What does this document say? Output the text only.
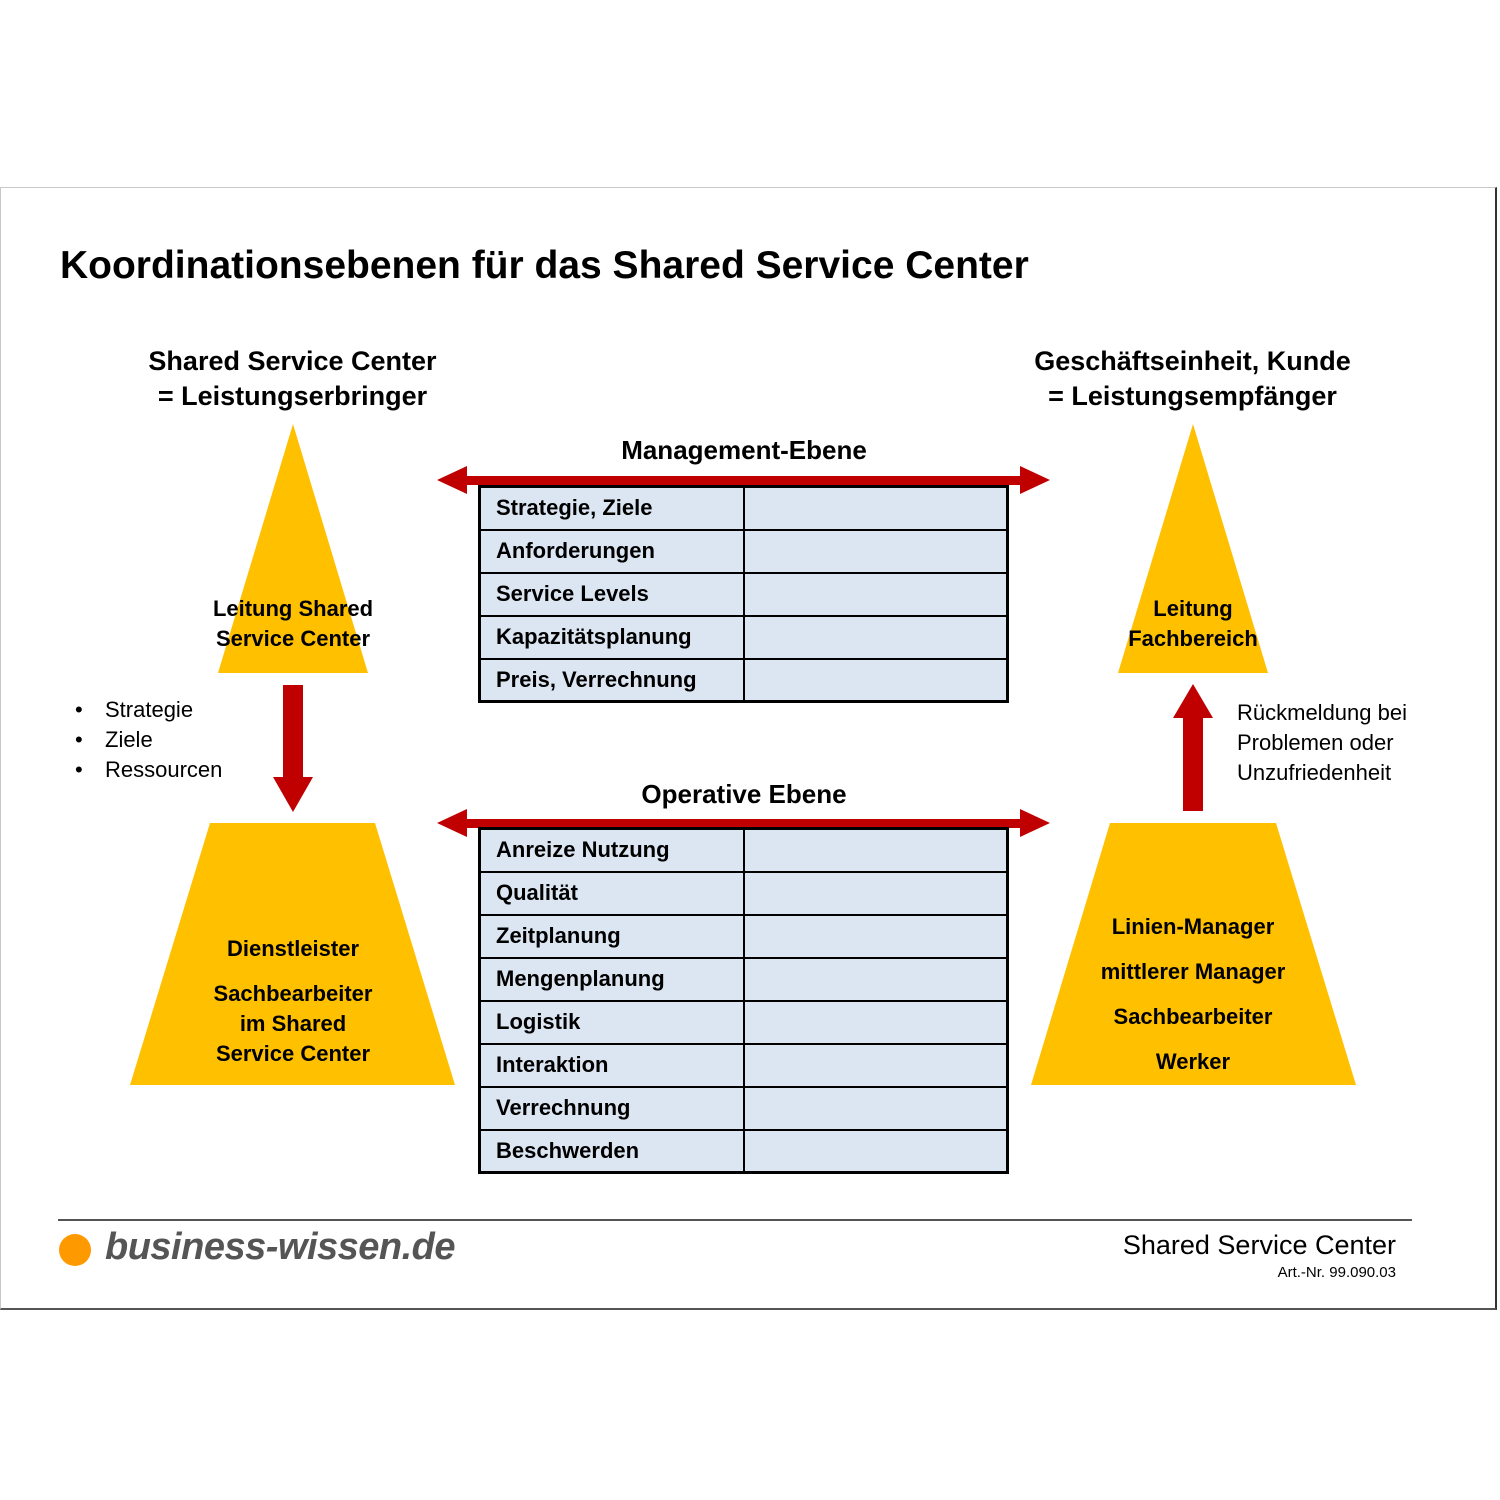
Koordinationsebenen für das Shared Service Center
Shared Service Center
= Leistungserbringer
Geschäftseinheit, Kunde
= Leistungsempfänger
Leitung Shared
Service Center
• Strategie
• Ziele
• Ressourcen
Dienstleister
Sachbearbeiter
im Shared
Service Center
Leitung
Fachbereich
Rückmeldung bei
Problemen oder
Unzufriedenheit
Linien-Manager
mittlerer Manager
Sachbearbeiter
Werker
Management-Ebene
Strategie, Ziele	
Anforderungen	
Service Levels	
Kapazitätsplanung	
Preis, Verrechnung	
Operative Ebene
Anreize Nutzung	
Qualität	
Zeitplanung	
Mengenplanung	
Logistik	
Interaktion	
Verrechnung	
Beschwerden	
business-wissen.de	Shared Service Center
Art.-Nr. 99.090.03
